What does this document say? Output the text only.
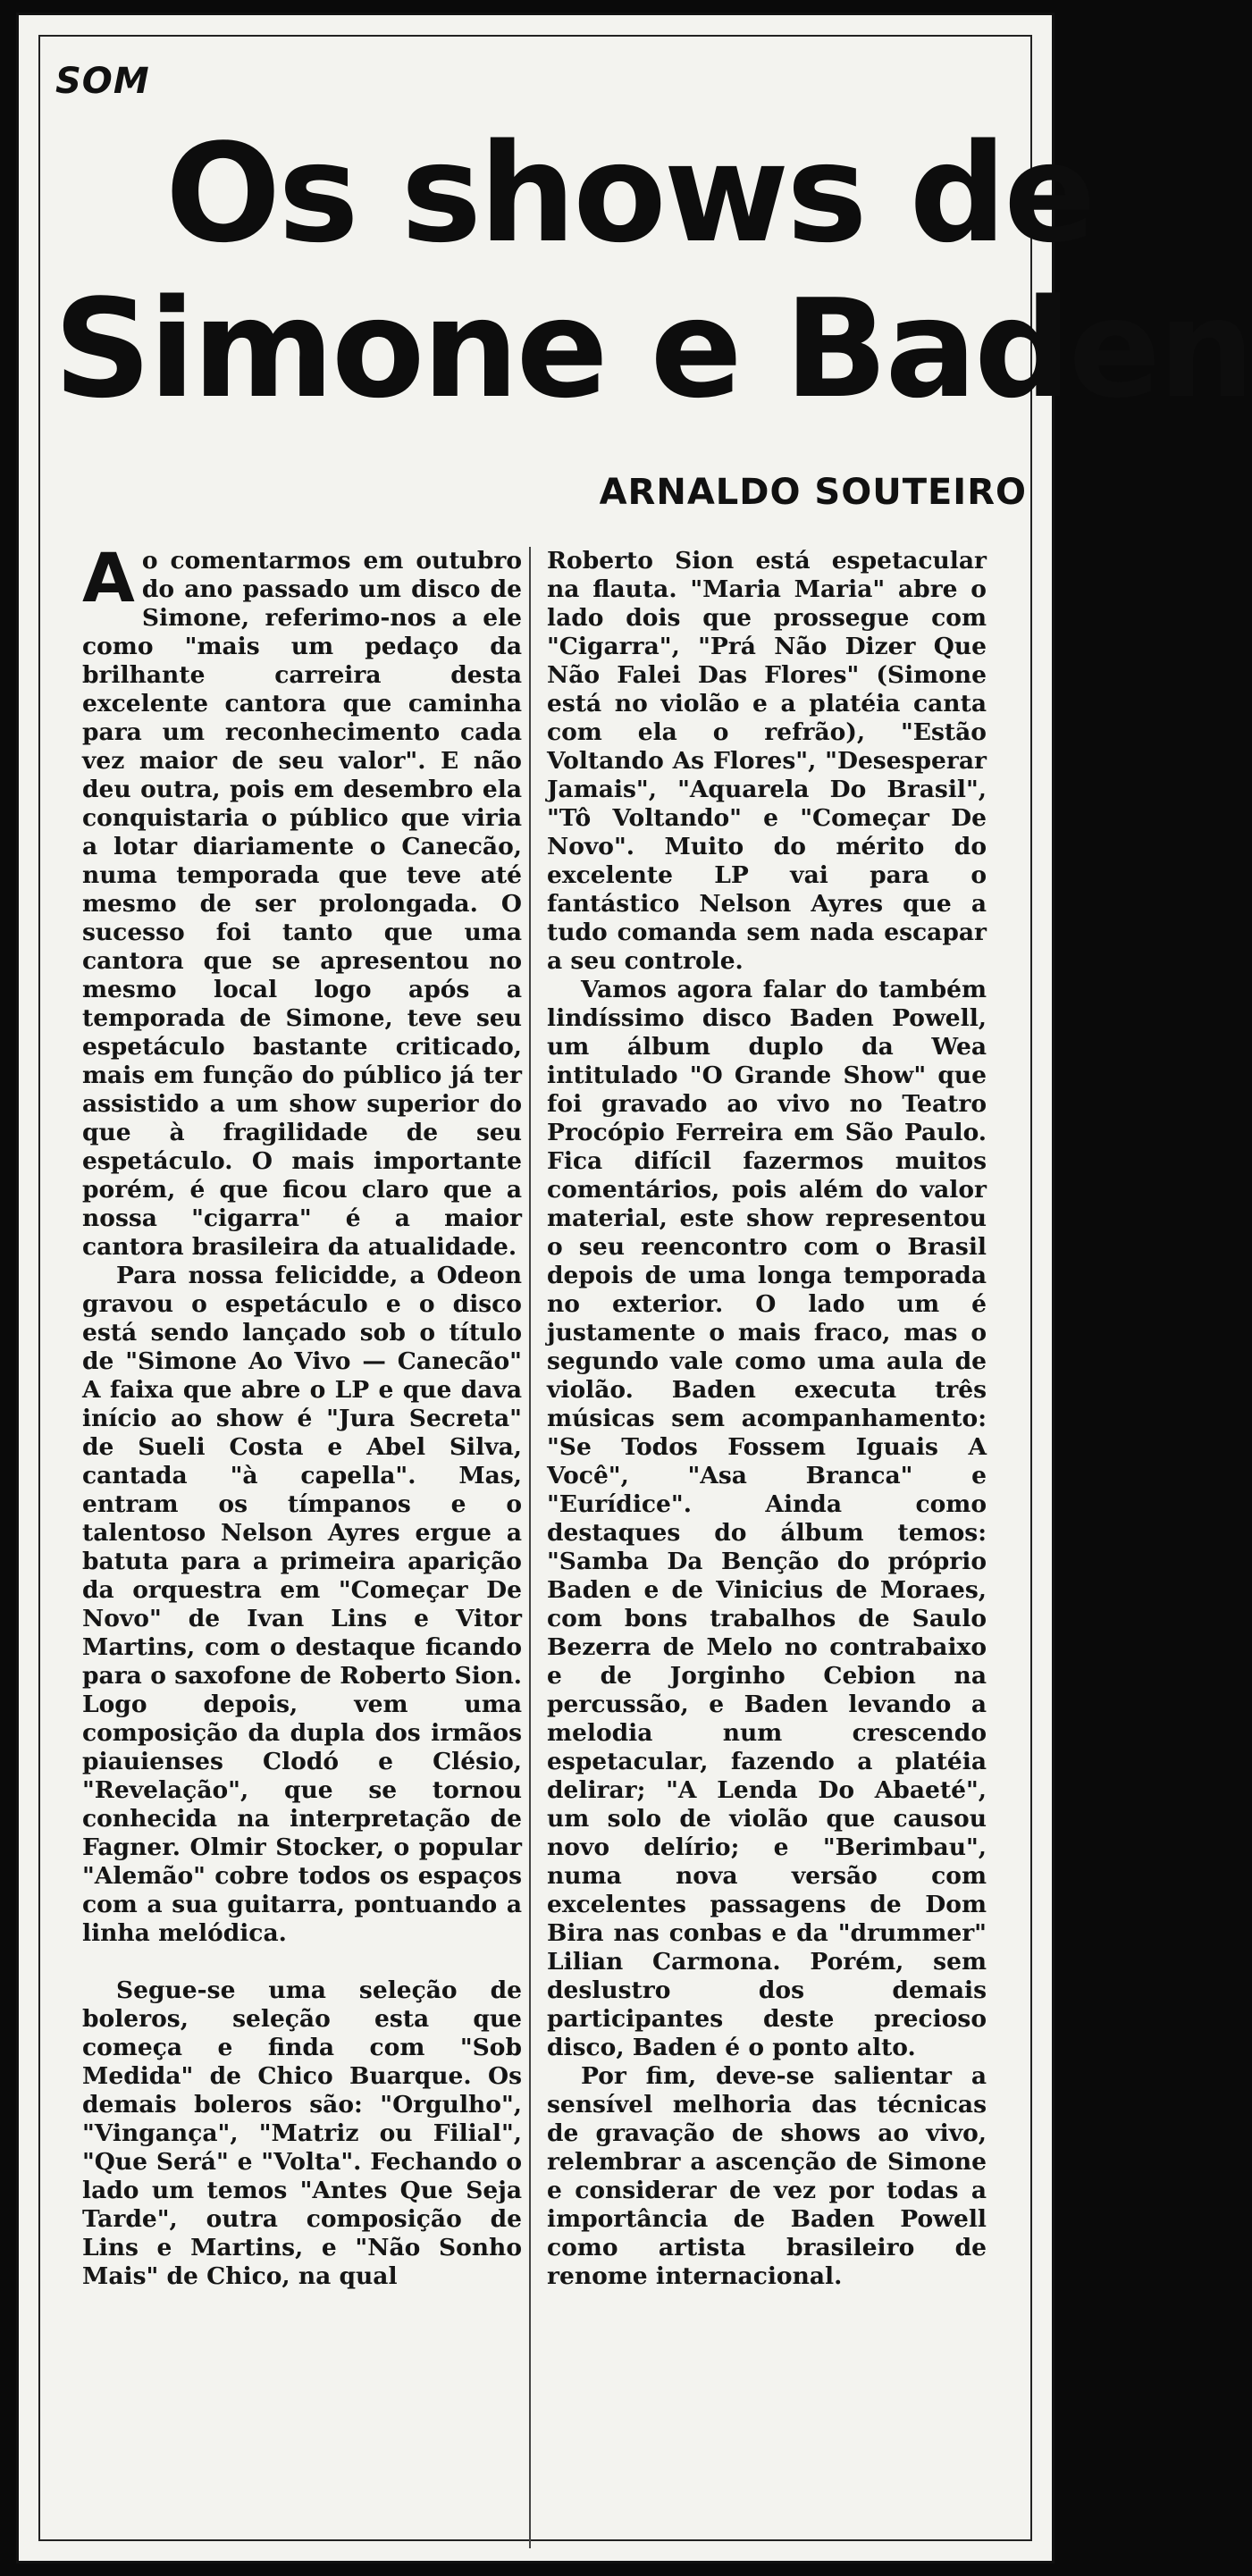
SOM
Os shows de
Simone e Baden
ARNALDO SOUTEIRO

Ao comentarmos em outubro do ano passado um disco de Simone, referimo-nos a ele como "mais um pedaço da brilhante carreira desta excelente cantora que caminha para um reconhecimento cada vez maior de seu valor". E não deu outra, pois em desembro ela conquistaria o público que viria a lotar diariamente o Canecão, numa temporada que teve até mesmo de ser prolongada. O sucesso foi tanto que uma cantora que se apresentou no mesmo local logo após a temporada de Simone, teve seu espetáculo bastante criticado, mais em função do público já ter assistido a um show superior do que à fragilidade de seu espetáculo. O mais importante porém, é que ficou claro que a nossa "cigarra" é a maior cantora brasileira da atualidade.

Para nossa felicidde, a Odeon gravou o espetáculo e o disco está sendo lançado sob o título de "Simone Ao Vivo — Canecão" A faixa que abre o LP e que dava início ao show é "Jura Secreta" de Sueli Costa e Abel Silva, cantada "à capella". Mas, entram os tímpanos e o talentoso Nelson Ayres ergue a batuta para a primeira aparição da orquestra em "Começar De Novo" de Ivan Lins e Vitor Martins, com o destaque ficando para o saxofone de Roberto Sion. Logo depois, vem uma composição da dupla dos irmãos piauienses Clodó e Clésio, "Revelação", que se tornou conhecida na interpretação de Fagner. Olmir Stocker, o popular "Alemão" cobre todos os espaços com a sua guitarra, pontuando a linha melódica.

Segue-se uma seleção de boleros, seleção esta que começa e finda com "Sob Medida" de Chico Buarque. Os demais boleros são: "Orgulho", "Vingança", "Matriz ou Filial", "Que Será" e "Volta". Fechando o lado um temos "Antes Que Seja Tarde", outra composição de Lins e Martins, e "Não Sonho Mais" de Chico, na qual

Roberto Sion está espetacular na flauta. "Maria Maria" abre o lado dois que prossegue com "Cigarra", "Prá Não Dizer Que Não Falei Das Flores" (Simone está no violão e a platéia canta com ela o refrão), "Estão Voltando As Flores", "Desesperar Jamais", "Aquarela Do Brasil", "Tô Voltando" e "Começar De Novo". Muito do mérito do excelente LP vai para o fantástico Nelson Ayres que a tudo comanda sem nada escapar a seu controle.

Vamos agora falar do também lindíssimo disco Baden Powell, um álbum duplo da Wea intitulado "O Grande Show" que foi gravado ao vivo no Teatro Procópio Ferreira em São Paulo. Fica difícil fazermos muitos comentários, pois além do valor material, este show representou o seu reencontro com o Brasil depois de uma longa temporada no exterior. O lado um é justamente o mais fraco, mas o segundo vale como uma aula de violão. Baden executa três músicas sem acompanhamento: "Se Todos Fossem Iguais A Você", "Asa Branca" e "Eurídice". Ainda como destaques do álbum temos: "Samba Da Benção do próprio Baden e de Vinicius de Moraes, com bons trabalhos de Saulo Bezerra de Melo no contrabaixo e de Jorginho Cebion na percussão, e Baden levando a melodia num crescendo espetacular, fazendo a platéia delirar; "A Lenda Do Abaeté", um solo de violão que causou novo delírio; e "Berimbau", numa nova versão com excelentes passagens de Dom Bira nas conbas e da "drummer" Lilian Carmona. Porém, sem deslustro dos demais participantes deste precioso disco, Baden é o ponto alto.

Por fim, deve-se salientar a sensível melhoria das técnicas de gravação de shows ao vivo, relembrar a ascenção de Simone e considerar de vez por todas a importância de Baden Powell como artista brasileiro de renome internacional.
